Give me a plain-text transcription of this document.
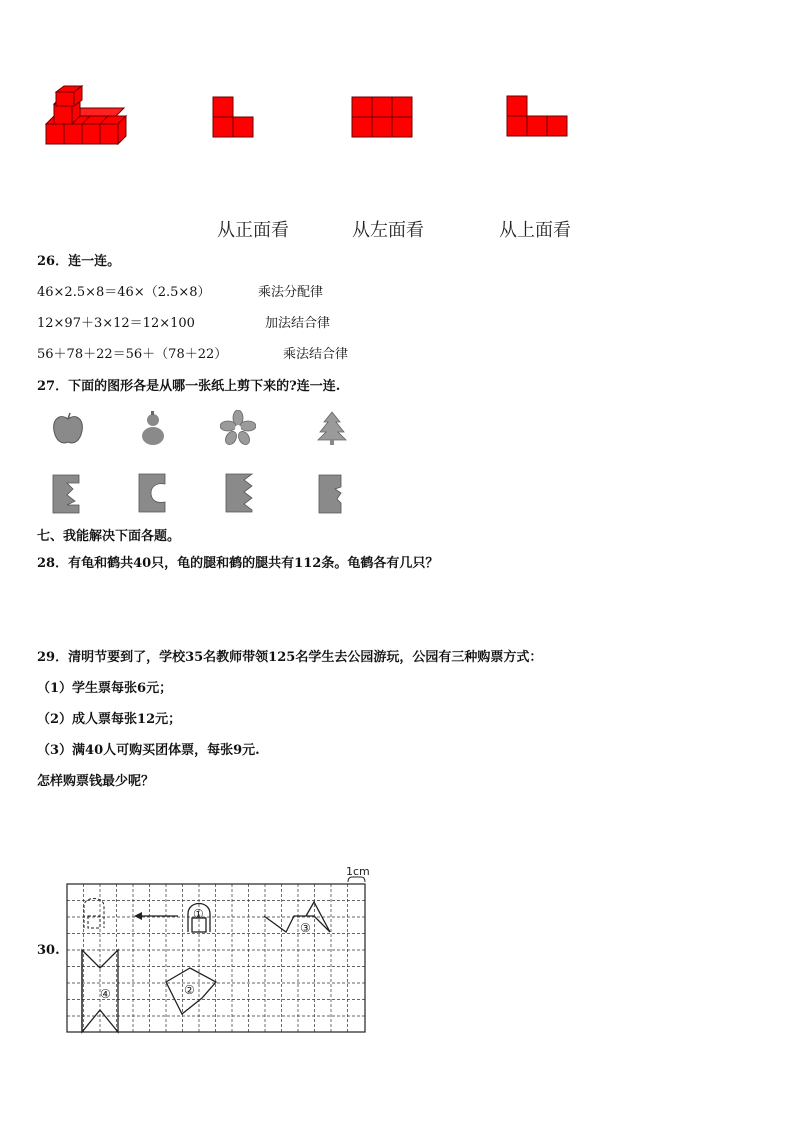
从正面看	从左面看	从上面看
26．连一连。
46×2.5×8＝46×（2.5×8）	乘法分配律
12×97＋3×12＝12×100	加法结合律
56＋78＋22＝56＋（78＋22）	乘法结合律
27．下面的图形各是从哪一张纸上剪下来的?连一连.
七、我能解决下面各题。
28．有龟和鹤共40只，龟的腿和鹤的腿共有112条。龟鹤各有几只？
29．清明节要到了，学校35名教师带领125名学生去公园游玩，公园有三种购票方式：
（1）学生票每张6元；
（2）成人票每张12元；
（3）满40人可购买团体票，每张9元.
怎样购票钱最少呢？
30.
1cm
①
③
④	②
